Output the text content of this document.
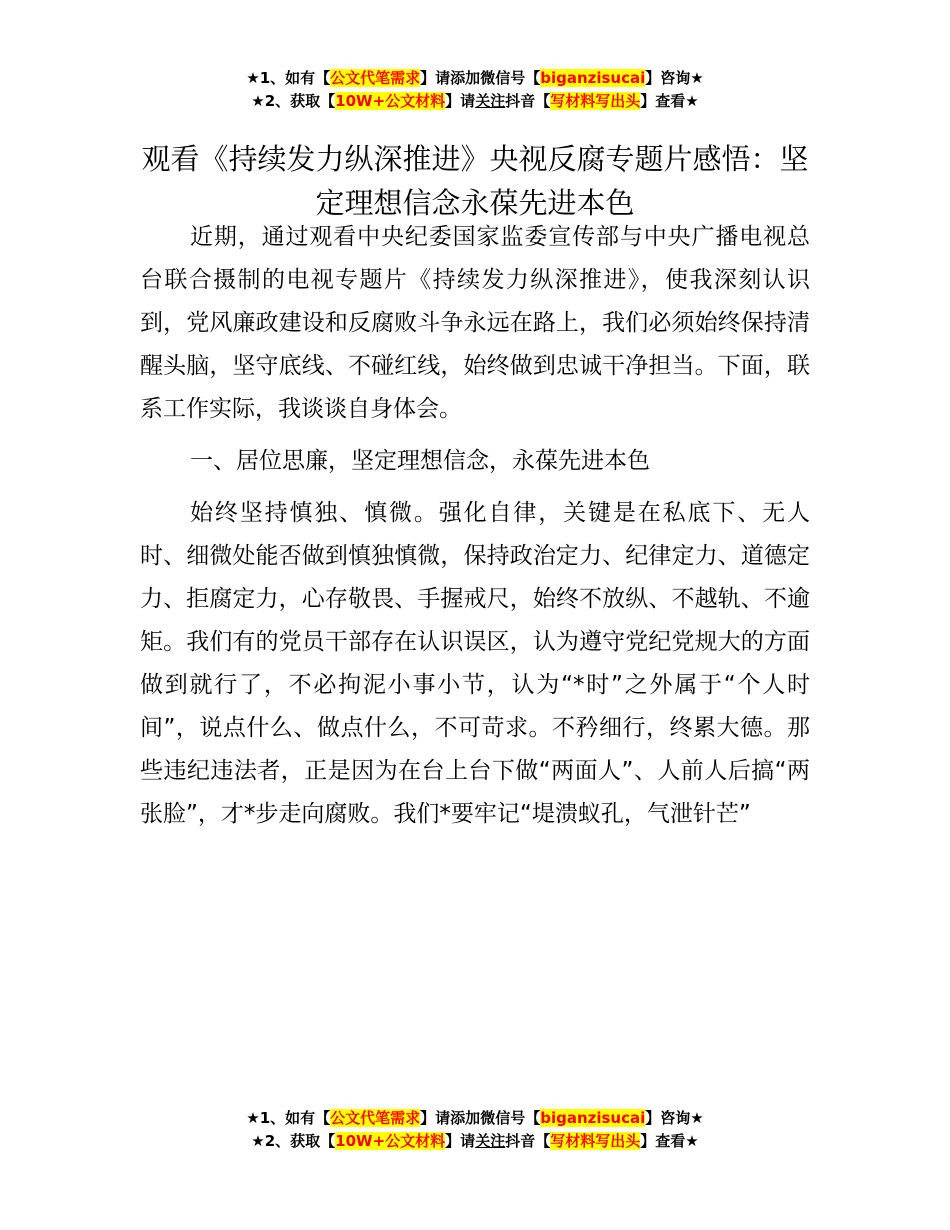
★1、如有【公文代笔需求】请添加微信号【biganzisucai】咨询★
★2、获取【10W+公文材料】请关注抖音【写材料写出头】查看★
观看《持续发力纵深推进》央视反腐专题片感悟：坚定理想信念永葆先进本色

近期，通过观看中央纪委国家监委宣传部与中央广播电视总台联合摄制的电视专题片《持续发力纵深推进》，使我深刻认识到，党风廉政建设和反腐败斗争永远在路上，我们必须始终保持清醒头脑，坚守底线、不碰红线，始终做到忠诚干净担当。下面，联系工作实际，我谈谈自身体会。

一、居位思廉，坚定理想信念，永葆先进本色

始终坚持慎独、慎微。强化自律，关键是在私底下、无人时、细微处能否做到慎独慎微，保持政治定力、纪律定力、道德定力、拒腐定力，心存敬畏、手握戒尺，始终不放纵、不越轨、不逾矩。我们有的党员干部存在认识误区，认为遵守党纪党规大的方面做到就行了，不必拘泥小事小节，认为“*时”之外属于“个人时间”，说点什么、做点什么，不可苛求。不矜细行，终累大德。那些违纪违法者，正是因为在台上台下做“两面人”、人前人后搞“两张脸”，才*步走向腐败。我们*要牢记“堤溃蚁孔，气泄针芒”

★1、如有【公文代笔需求】请添加微信号【biganzisucai】咨询★
★2、获取【10W+公文材料】请关注抖音【写材料写出头】查看★
